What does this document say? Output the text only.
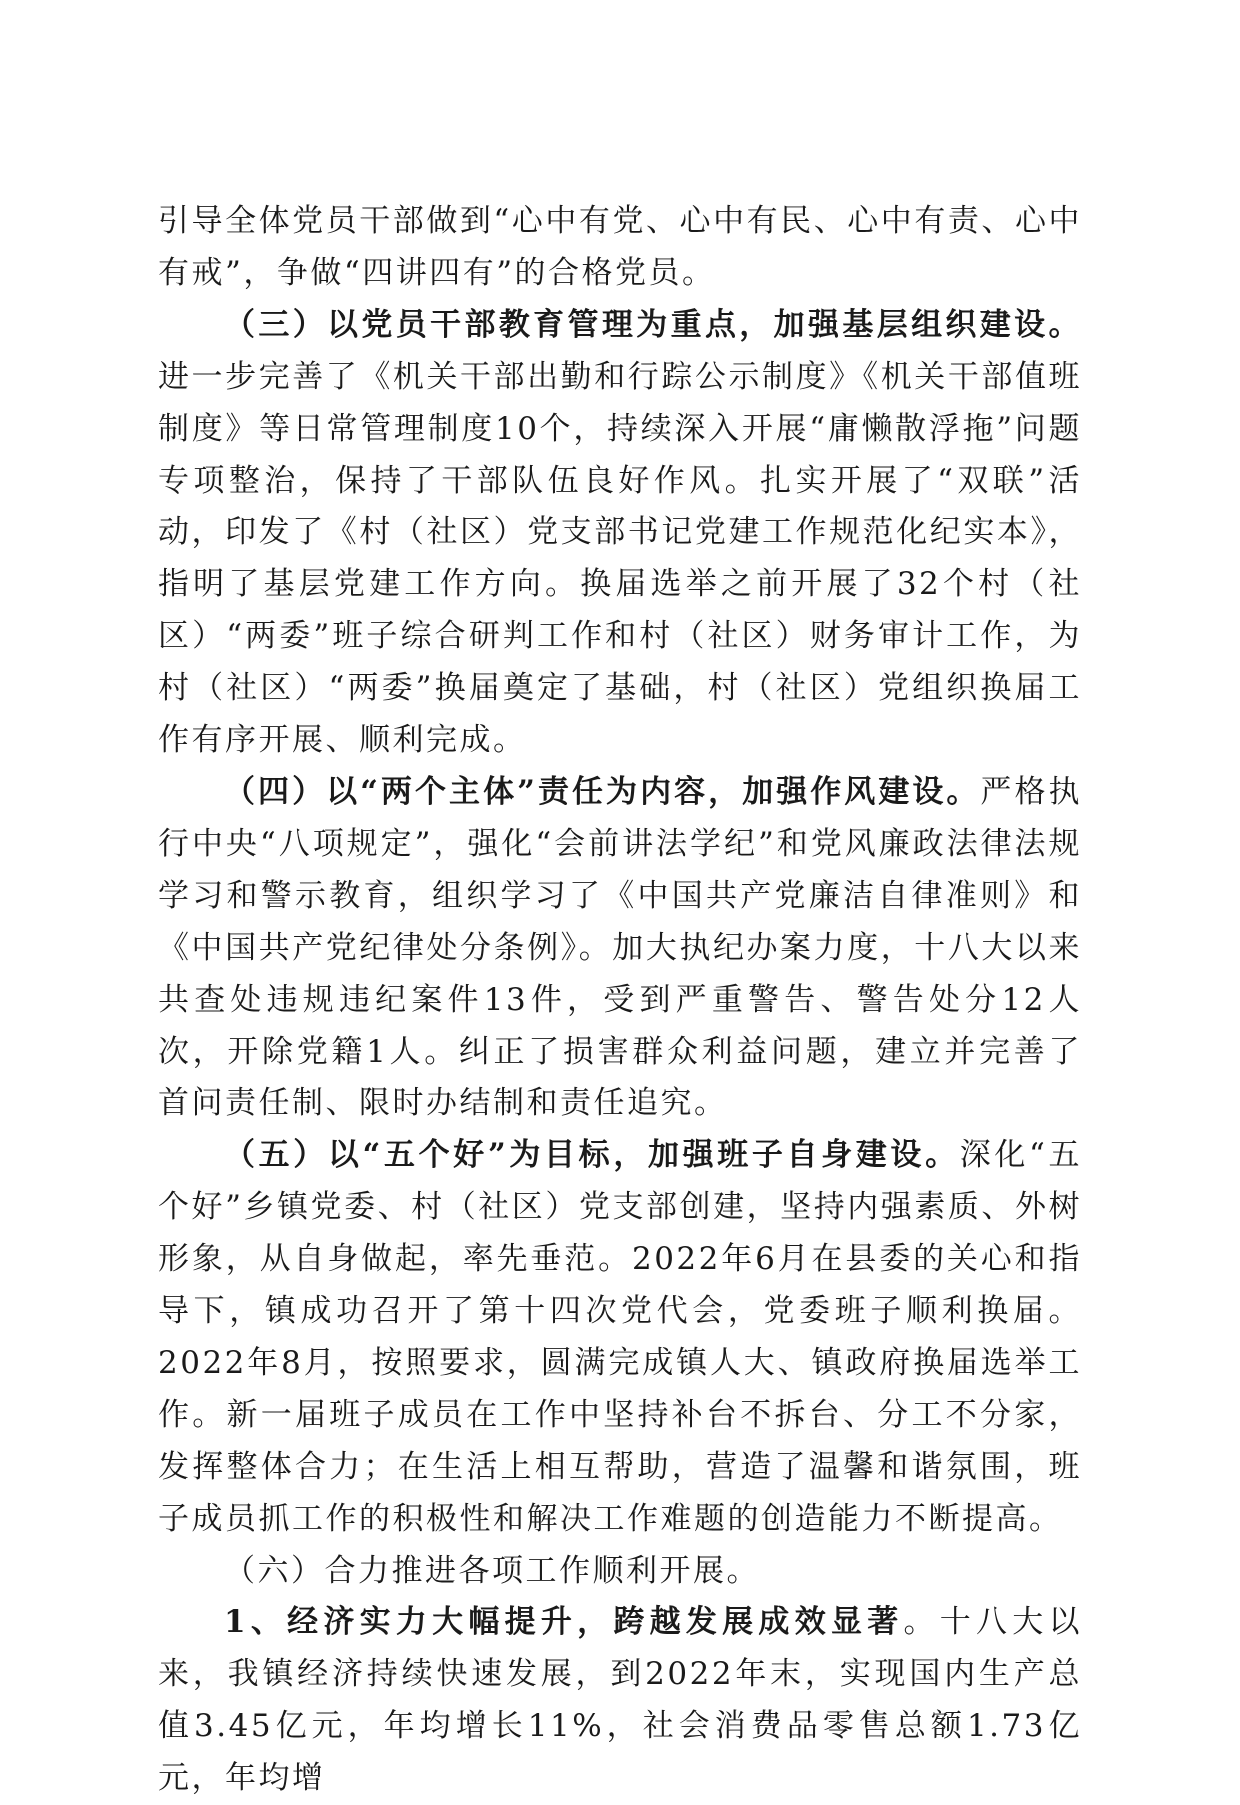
引导全体党员干部做到“心中有党、心中有民、心中有责、心中有戒”，争做“四讲四有”的合格党员。

（三）以党员干部教育管理为重点，加强基层组织建设。进一步完善了《机关干部出勤和行踪公示制度》《机关干部值班制度》等日常管理制度10个，持续深入开展“庸懒散浮拖”问题专项整治，保持了干部队伍良好作风。扎实开展了“双联”活动，印发了《村（社区）党支部书记党建工作规范化纪实本》，指明了基层党建工作方向。换届选举之前开展了32个村（社区）“两委”班子综合研判工作和村（社区）财务审计工作，为村（社区）“两委”换届奠定了基础，村（社区）党组织换届工作有序开展、顺利完成。

（四）以“两个主体”责任为内容，加强作风建设。严格执行中央“八项规定”，强化“会前讲法学纪”和党风廉政法律法规学习和警示教育，组织学习了《中国共产党廉洁自律准则》和《中国共产党纪律处分条例》。加大执纪办案力度，十八大以来共查处违规违纪案件13件，受到严重警告、警告处分12人次，开除党籍1人。纠正了损害群众利益问题，建立并完善了首问责任制、限时办结制和责任追究。

（五）以“五个好”为目标，加强班子自身建设。深化“五个好”乡镇党委、村（社区）党支部创建，坚持内强素质、外树形象，从自身做起，率先垂范。2022年6月在县委的关心和指导下，镇成功召开了第十四次党代会，党委班子顺利换届。2022年8月，按照要求，圆满完成镇人大、镇政府换届选举工作。新一届班子成员在工作中坚持补台不拆台、分工不分家，发挥整体合力；在生活上相互帮助，营造了温馨和谐氛围，班子成员抓工作的积极性和解决工作难题的创造能力不断提高。

（六）合力推进各项工作顺利开展。

1、经济实力大幅提升，跨越发展成效显著。十八大以来，我镇经济持续快速发展，到2022年末，实现国内生产总值3.45亿元，年均增长11%，社会消费品零售总额1.73亿元，年均增
